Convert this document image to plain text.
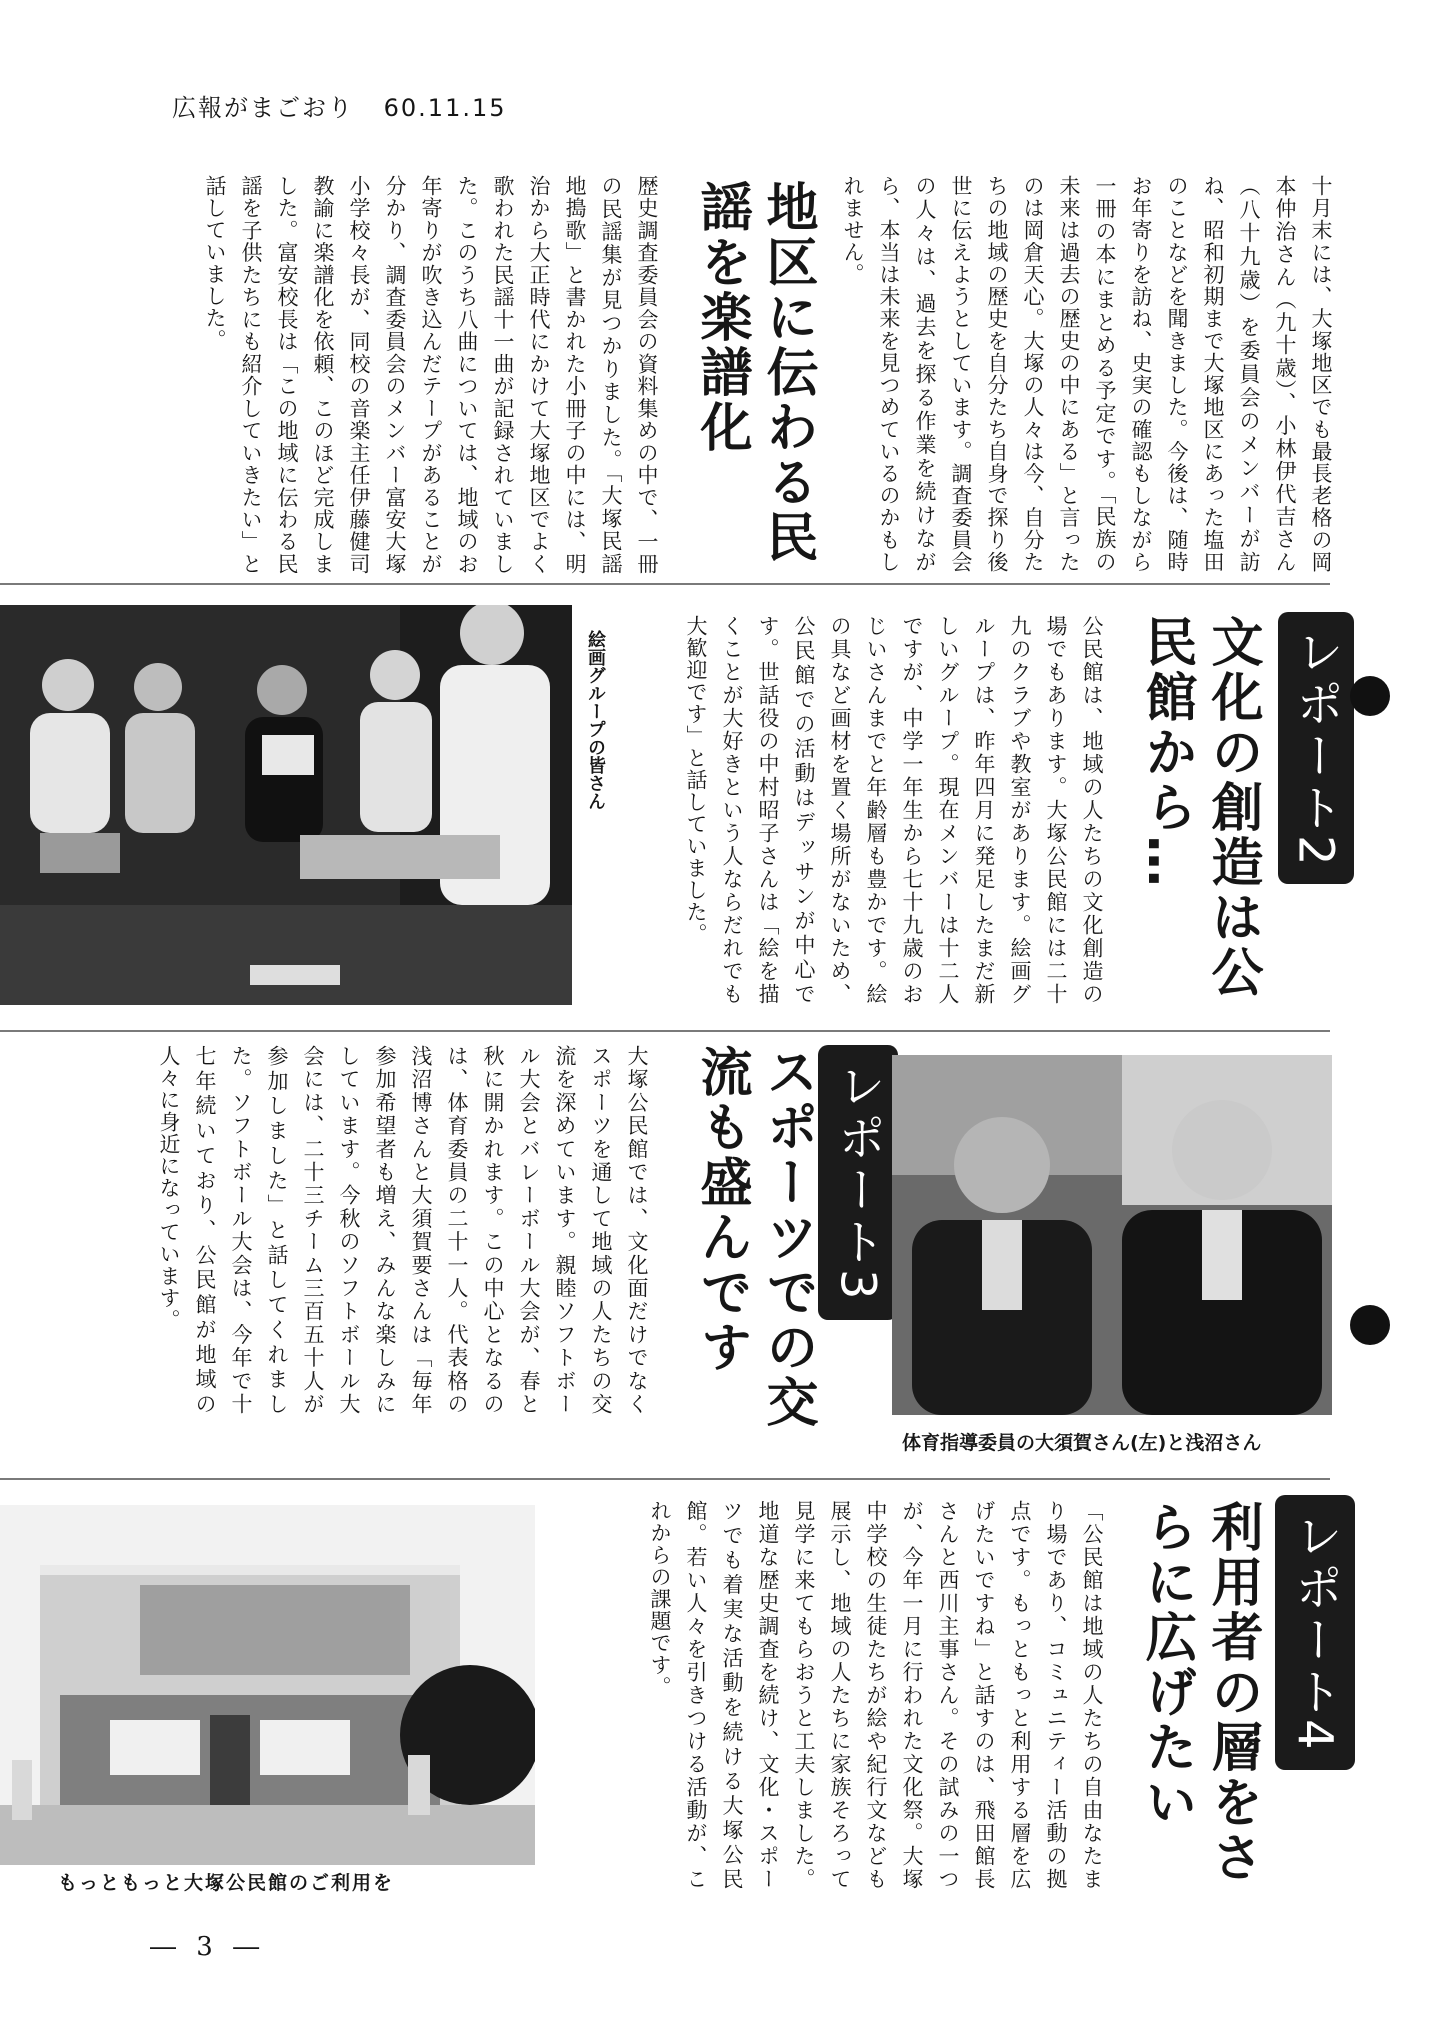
広報がまごおり 60.11.15
十月末には、大塚地区でも最長老格の岡本仲治さん（九十歳）、小林伊代吉さん（八十九歳）を委員会のメンバーが訪ね、昭和初期まで大塚地区にあった塩田のことなどを聞きました。今後は、随時お年寄りを訪ね、史実の確認もしながら一冊の本にまとめる予定です。「民族の未来は過去の歴史の中にある」と言ったのは岡倉天心。大塚の人々は今、自分たちの地域の歴史を自分たち自身で探り後世に伝えようとしています。調査委員会の人々は、過去を探る作業を続けながら、本当は未来を見つめているのかもしれません。
地区に伝わる民謡を楽譜化
歴史調査委員会の資料集めの中で、一冊の民謡集が見つかりました。「大塚民謡地搗歌」と書かれた小冊子の中には、明治から大正時代にかけて大塚地区でよく歌われた民謡十一曲が記録されていました。このうち八曲については、地域のお年寄りが吹き込んだテープがあることが分かり、調査委員会のメンバー富安大塚小学校々長が、同校の音楽主任伊藤健司教諭に楽譜化を依頼、このほど完成しました。富安校長は「この地域に伝わる民謡を子供たちにも紹介していきたい」と話していました。
レポート2
文化の創造は公民館から…
公民館は、地域の人たちの文化創造の場でもあります。大塚公民館には二十九のクラブや教室があります。絵画グループは、昨年四月に発足したまだ新しいグループ。現在メンバーは十二人ですが、中学一年生から七十九歳のおじいさんまでと年齢層も豊かです。絵の具など画材を置く場所がないため、公民館での活動はデッサンが中心です。世話役の中村昭子さんは「絵を描くことが大好きという人ならだれでも大歓迎です」と話していました。
絵画グループの皆さん
レポート3
スポーツでの交流も盛んです
大塚公民館では、文化面だけでなくスポーツを通して地域の人たちの交流を深めています。親睦ソフトボール大会とバレーボール大会が、春と秋に開かれます。この中心となるのは、体育委員の二十一人。代表格の浅沼博さんと大須賀要さんは「毎年参加希望者も増え、みんな楽しみにしています。今秋のソフトボール大会には、二十三チーム三百五十人が参加しました」と話してくれました。ソフトボール大会は、今年で十七年続いており、公民館が地域の人々に身近になっています。
体育指導委員の大須賀さん(左)と浅沼さん
レポート4
利用者の層をさらに広げたい
「公民館は地域の人たちの自由なたまり場であり、コミュニティー活動の拠点です。もっともっと利用する層を広げたいですね」と話すのは、飛田館長さんと西川主事さん。その試みの一つが、今年一月に行われた文化祭。大塚中学校の生徒たちが絵や紀行文なども展示し、地域の人たちに家族そろって見学に来てもらおうと工夫しました。地道な歴史調査を続け、文化・スポーツでも着実な活動を続ける大塚公民館。若い人々を引きつける活動が、これからの課題です。
もっともっと大塚公民館のご利用を
― 3 ―
